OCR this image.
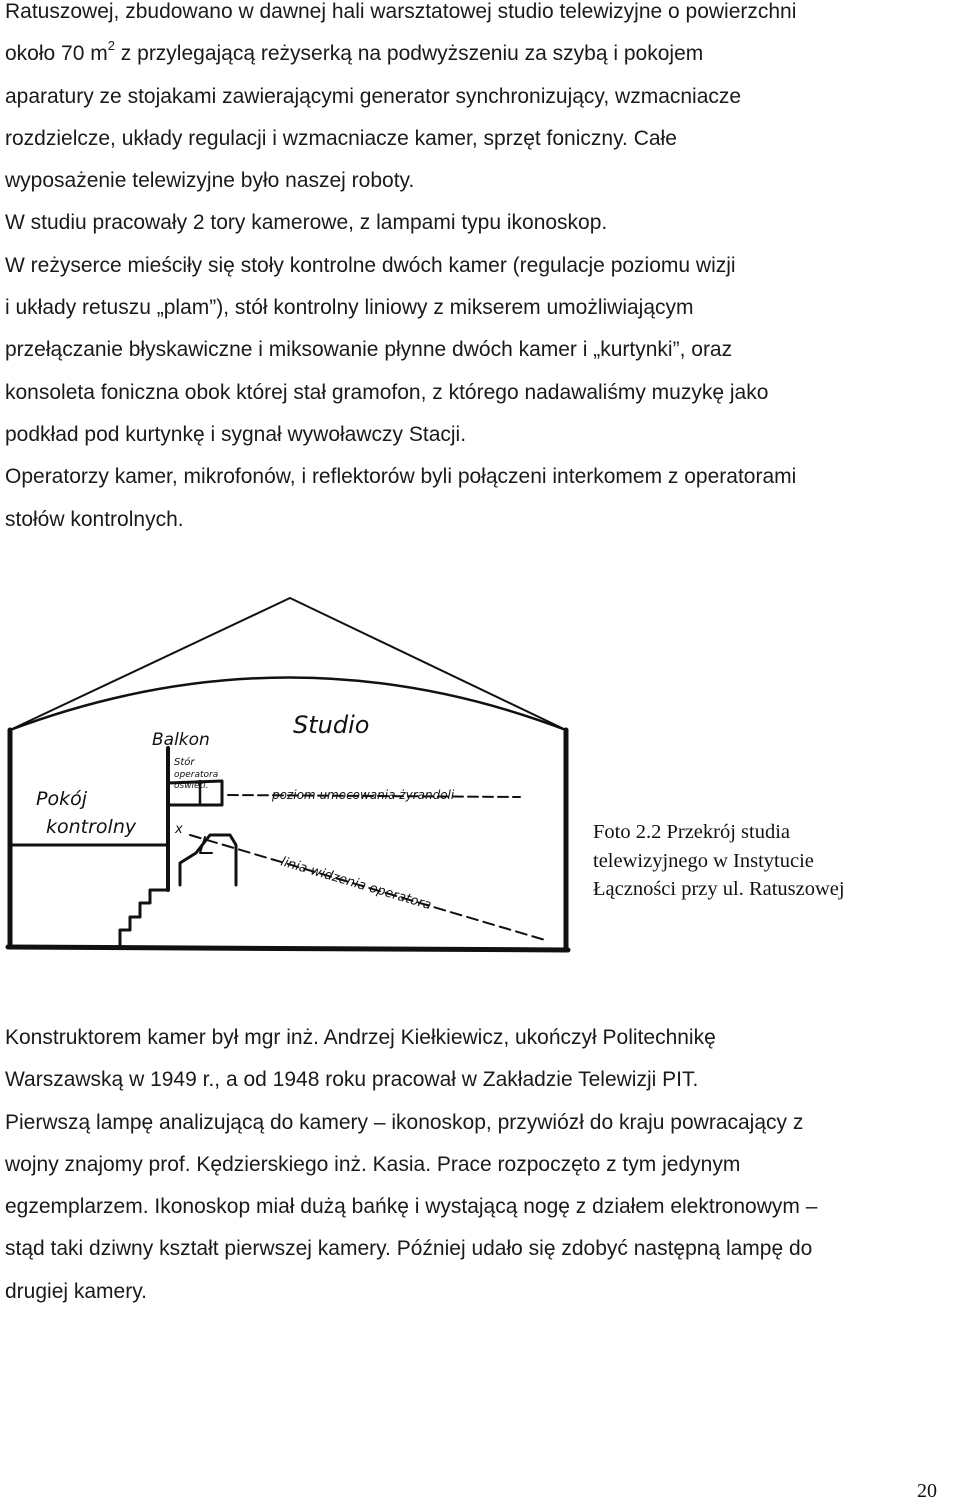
Ratuszowej, zbudowano w dawnej hali warsztatowej studio telewizyjne o powierzchni
około 70 $m^2$ z przylegającą reżyserką na podwyższeniu za szybą i pokojem
aparatury ze stojakami zawierającymi generator synchronizujący, wzmacniacze
rozdzielcze, układy regulacji i wzmacniacze kamer, sprzęt foniczny. Całe
wyposażenie telewizyjne było naszej roboty.
W studiu pracowały 2 tory kamerowe, z lampami typu ikonoskop.
W reżyserce mieściły się stoły kontrolne dwóch kamer (regulacje poziomu wizji
i układy retuszu „plam”), stół kontrolny liniowy z mikserem umożliwiającym
przełączanie błyskawiczne i miksowanie płynne dwóch kamer i „kurtynki”, oraz
konsoleta foniczna obok której stał gramofon, z którego nadawaliśmy muzykę jako
podkład pod kurtynkę i sygnał wywoławczy Stacji.
Operatorzy kamer, mikrofonów, i reflektorów byli połączeni interkomem z operatorami
stołów kontrolnych.
Studio
Balkon
Stór
operatora
oświetl.
Pokój
kontrolny	x
poziom umocowania żyrandoli
linia widzenia operatora
Foto 2.2 Przekrój studia
telewizyjnego w Instytucie
Łączności przy ul. Ratuszowej
Konstruktorem kamer był mgr inż. Andrzej Kiełkiewicz, ukończył Politechnikę
Warszawską w 1949 r., a od 1948 roku pracował w Zakładzie Telewizji PIT.
Pierwszą lampę analizującą do kamery – ikonoskop, przywiózł do kraju powracający z
wojny znajomy prof. Kędzierskiego inż. Kasia. Prace rozpoczęto z tym jedynym
egzemplarzem. Ikonoskop miał dużą bańkę i wystającą nogę z działem elektronowym –
stąd taki dziwny kształt pierwszej kamery. Później udało się zdobyć następną lampę do
drugiej kamery.
20
